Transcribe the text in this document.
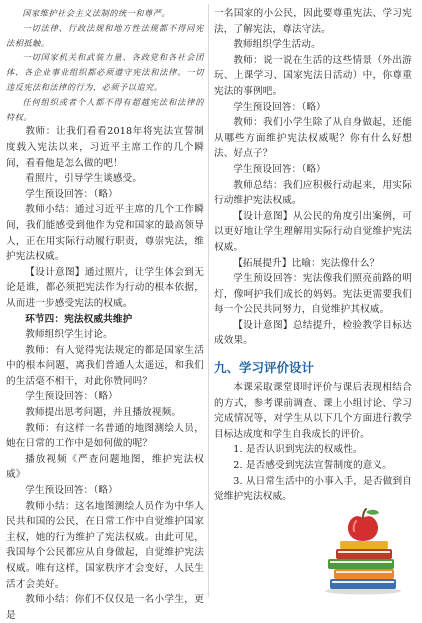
国家维护社会主义法制的统一和尊严。

一切法律、行政法规和地方性法规都不得同宪法相抵触。

一切国家机关和武装力量、各政党和各社会团体、各企业事业组织都必须遵守宪法和法律。一切违反宪法和法律的行为，必须予以追究。

任何组织或者个人都不得有超越宪法和法律的特权。

教师：让我们看看2018年将宪法宣誓制度载入宪法以来，习近平主席工作的几个瞬间，看看他是怎么做的吧！

看照片，引导学生谈感受。

学生预设回答：（略）

教师小结：通过习近平主席的几个工作瞬间，我们能感受到他作为党和国家的最高领导人，正在用实际行动履行职责，尊崇宪法，维护宪法权威。

【设计意图】通过照片，让学生体会到无论是谁，都必须把宪法作为行动的根本依据，从而进一步感受宪法的权威。

环节四：宪法权威共维护

教师组织学生讨论。

教师：有人觉得宪法规定的都是国家生活中的根本问题，离我们普通人太遥远，和我们的生活毫不相干，对此你赞同吗？

学生预设回答：（略）

教师提出思考问题，并且播放视频。

教师：有这样一名普通的地图测绘人员，她在日常的工作中是如何做的呢？

播放视频《严查问题地图，维护宪法权威》

学生预设回答：（略）

教师小结：这名地图测绘人员作为中华人民共和国的公民，在日常工作中自觉维护国家主权，她的行为维护了宪法权威。由此可见，我国每个公民都应从自身做起，自觉维护宪法权威。唯有这样，国家秩序才会变好，人民生活才会美好。

教师小结：你们不仅仅是一名小学生，更是

一名国家的小公民，因此要尊重宪法、学习宪法，了解宪法，尊法守法。

教师组织学生活动。

教师：说一说在生活的这些情景（外出游玩、上课学习、国家宪法日活动）中，你尊重宪法的事例吧。

学生预设回答：（略）

教师：我们小学生除了从自身做起，还能从哪些方面维护宪法权威呢？你有什么好想法、好点子？

学生预设回答：（略）

教师总结：我们应积极行动起来，用实际行动维护宪法权威。

【设计意图】从公民的角度引出案例，可以更好地让学生理解用实际行动自觉维护宪法权威。

【拓展提升】比喻：宪法像什么？

学生预设回答：宪法像我们照亮前路的明灯，像呵护我们成长的妈妈。宪法更需要我们每一个公民共同努力，自觉维护其权威。

【设计意图】总结提升，检验教学目标达成效果。

九、学习评价设计

本课采取课堂即时评价与课后表现相结合的方式，参考课前调查、课上小组讨论、学习完成情况等，对学生从以下几个方面进行教学目标达成度和学生自我成长的评价。

1. 是否认识到宪法的权威性。

2. 是否感受到宪法宣誓制度的意义。

3. 从日常生活中的小事入手，是否做到自觉维护宪法权威。
